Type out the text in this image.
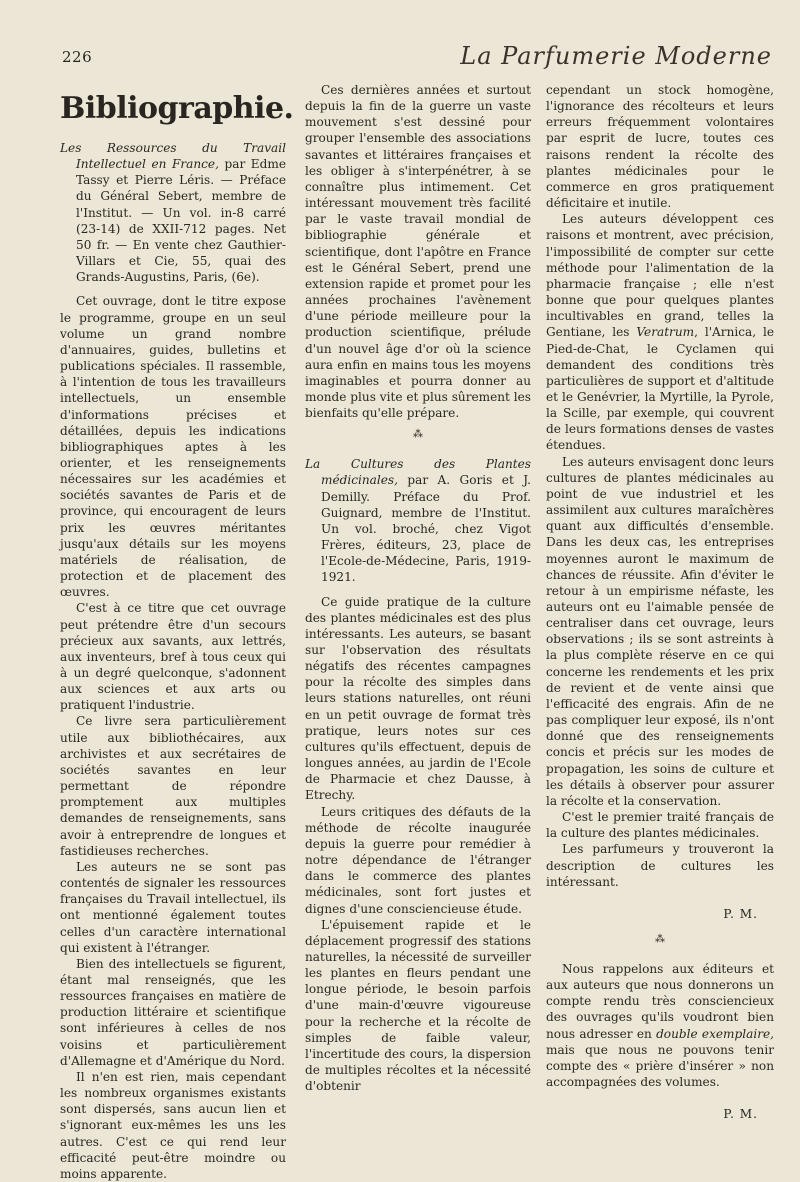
226	La Parfumerie Moderne

Bibliographie.

Les Ressources du Travail Intellectuel en France, par Edme Tassy et Pierre Léris. — Préface du Général Sebert, membre de l'Institut. — Un vol. in-8 carré (23-14) de XXII-712 pages. Net 50 fr. — En vente chez Gauthier-Villars et Cie, 55, quai des Grands-Augustins, Paris, (6e).

Cet ouvrage, dont le titre expose le programme, groupe en un seul volume un grand nombre d'annuaires, guides, bulletins et publications spéciales. Il rassemble, à l'intention de tous les travailleurs intellectuels, un ensemble d'informations précises et détaillées, depuis les indications bibliographiques aptes à les orienter, et les renseignements nécessaires sur les académies et sociétés savantes de Paris et de province, qui encouragent de leurs prix les œuvres méritantes jusqu'aux détails sur les moyens matériels de réalisation, de protection et de placement des œuvres.

C'est à ce titre que cet ouvrage peut prétendre être d'un secours précieux aux savants, aux lettrés, aux inventeurs, bref à tous ceux qui à un degré quelconque, s'adonnent aux sciences et aux arts ou pratiquent l'industrie.

Ce livre sera particulièrement utile aux bibliothécaires, aux archivistes et aux secrétaires de sociétés savantes en leur permettant de répondre promptement aux multiples demandes de renseignements, sans avoir à entreprendre de longues et fastidieuses recherches.

Les auteurs ne se sont pas contentés de signaler les ressources françaises du Travail intellectuel, ils ont mentionné également toutes celles d'un caractère international qui existent à l'étranger.

Bien des intellectuels se figurent, étant mal renseignés, que les ressources françaises en matière de production littéraire et scientifique sont inférieures à celles de nos voisins et particulièrement d'Allemagne et d'Amérique du Nord.

Il n'en est rien, mais cependant les nombreux organismes existants sont dispersés, sans aucun lien et s'ignorant eux-mêmes les uns les autres. C'est ce qui rend leur efficacité peut-être moindre ou moins apparente.

Ces dernières années et surtout depuis la fin de la guerre un vaste mouvement s'est dessiné pour grouper l'ensemble des associations savantes et littéraires françaises et les obliger à s'interpénétrer, à se connaître plus intimement. Cet intéressant mouvement très facilité par le vaste travail mondial de bibliographie générale et scientifique, dont l'apôtre en France est le Général Sebert, prend une extension rapide et promet pour les années prochaines l'avènement d'une période meilleure pour la production scientifique, prélude d'un nouvel âge d'or où la science aura enfin en mains tous les moyens imaginables et pourra donner au monde plus vite et plus sûrement les bienfaits qu'elle prépare.

⁂

La Cultures des Plantes médicinales, par A. Goris et J. Demilly. Préface du Prof. Guignard, membre de l'Institut. Un vol. broché, chez Vigot Frères, éditeurs, 23, place de l'Ecole-de-Médecine, Paris, 1919-1921.

Ce guide pratique de la culture des plantes médicinales est des plus intéressants. Les auteurs, se basant sur l'observation des résultats négatifs des récentes campagnes pour la récolte des simples dans leurs stations naturelles, ont réuni en un petit ouvrage de format très pratique, leurs notes sur ces cultures qu'ils effectuent, depuis de longues années, au jardin de l'Ecole de Pharmacie et chez Dausse, à Etrechy.

Leurs critiques des défauts de la méthode de récolte inaugurée depuis la guerre pour remédier à notre dépendance de l'étranger dans le commerce des plantes médicinales, sont fort justes et dignes d'une consciencieuse étude.

L'épuisement rapide et le déplacement progressif des stations naturelles, la nécessité de surveiller les plantes en fleurs pendant une longue période, le besoin parfois d'une main-d'œuvre vigoureuse pour la recherche et la récolte de simples de faible valeur, l'incertitude des cours, la dispersion de multiples récoltes et la nécessité d'obtenir

cependant un stock homogène, l'ignorance des récolteurs et leurs erreurs fréquemment volontaires par esprit de lucre, toutes ces raisons rendent la récolte des plantes médicinales pour le commerce en gros pratiquement déficitaire et inutile.

Les auteurs développent ces raisons et montrent, avec précision, l'impossibilité de compter sur cette méthode pour l'alimentation de la pharmacie française ; elle n'est bonne que pour quelques plantes incultivables en grand, telles la Gentiane, les Veratrum, l'Arnica, le Pied-de-Chat, le Cyclamen qui demandent des conditions très particulières de support et d'altitude et le Genévrier, la Myrtille, la Pyrole, la Scille, par exemple, qui couvrent de leurs formations denses de vastes étendues.

Les auteurs envisagent donc leurs cultures de plantes médicinales au point de vue industriel et les assimilent aux cultures maraîchères quant aux difficultés d'ensemble. Dans les deux cas, les entreprises moyennes auront le maximum de chances de réussite. Afin d'éviter le retour à un empirisme néfaste, les auteurs ont eu l'aimable pensée de centraliser dans cet ouvrage, leurs observations ; ils se sont astreints à la plus complète réserve en ce qui concerne les rendements et les prix de revient et de vente ainsi que l'efficacité des engrais. Afin de ne pas compliquer leur exposé, ils n'ont donné que des renseignements concis et précis sur les modes de propagation, les soins de culture et les détails à observer pour assurer la récolte et la conservation.

C'est le premier traité français de la culture des plantes médicinales.

Les parfumeurs y trouveront la description de cultures les intéressant.

P. M.

⁂

Nous rappelons aux éditeurs et aux auteurs que nous donnerons un compte rendu très consciencieux des ouvrages qu'ils voudront bien nous adresser en double exemplaire, mais que nous ne pouvons tenir compte des « prière d'insérer » non accompagnées des volumes.

P. M.
